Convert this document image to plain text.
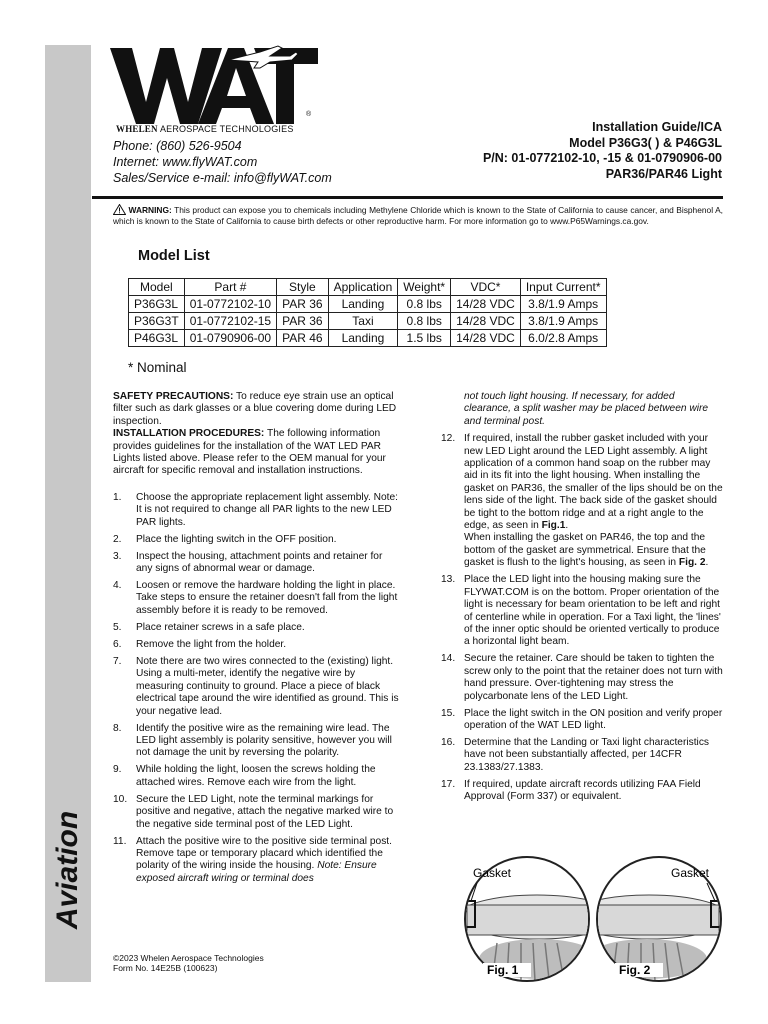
Aviation
®
WHELEN AEROSPACE TECHNOLOGIES
Phone: (860) 526-9504
Internet: www.flyWAT.com
Sales/Service e-mail: info@flyWAT.com
Installation Guide/ICA
Model P36G3( ) & P46G3L
P/N: 01-0772102-10, -15 & 01-0790906-00
PAR36/PAR46 Light
WARNING: This product can expose you to chemicals including Methylene Chloride which is known to the State of California to cause cancer, and Bisphenol A, which is known to the State of California to cause birth defects or other reproductive harm. For more information go to www.P65Warnings.ca.gov.
Model List
Model	Part #	Style	Application	Weight*	VDC*	Input Current*
P36G3L	01-0772102-10	PAR 36	Landing	0.8 lbs	14/28 VDC	3.8/1.9 Amps
P36G3T	01-0772102-15	PAR 36	Taxi	0.8 lbs	14/28 VDC	3.8/1.9 Amps
P46G3L	01-0790906-00	PAR 46	Landing	1.5 lbs	14/28 VDC	6.0/2.8 Amps
* Nominal

SAFETY PRECAUTIONS: To reduce eye strain use an optical filter such as dark glasses or a blue covering dome during LED inspection.

INSTALLATION PROCEDURES: The following information provides guidelines for the installation of the WAT LED PAR Lights listed above. Please refer to the OEM manual for your aircraft for specific removal and installation instructions.

1. Choose the appropriate replacement light assembly. Note: It is not required to change all PAR lights to the new LED PAR lights.
2. Place the lighting switch in the OFF position.
3. Inspect the housing, attachment points and retainer for any signs of abnormal wear or damage.
4. Loosen or remove the hardware holding the light in place. Take steps to ensure the retainer doesn't fall from the light assembly before it is ready to be removed.
5. Place retainer screws in a safe place.
6. Remove the light from the holder.
7. Note there are two wires connected to the (existing) light. Using a multi-meter, identify the negative wire by measuring continuity to ground. Place a piece of black electrical tape around the wire identified as ground. This is your negative lead.
8. Identify the positive wire as the remaining wire lead. The LED light assembly is polarity sensitive, however you will not damage the unit by reversing the polarity.
9. While holding the light, loosen the screws holding the attached wires. Remove each wire from the light.
10. Secure the LED Light, note the terminal markings for positive and negative, attach the negative marked wire to the negative side terminal post of the LED Light.
11. Attach the positive wire to the positive side terminal post. Remove tape or temporary placard which identified the polarity of the wiring inside the housing. Note: Ensure exposed aircraft wiring or terminal does

not touch light housing. If necessary, for added clearance, a split washer may be placed between wire and terminal post.

12. If required, install the rubber gasket included with your new LED Light around the LED Light assembly. A light application of a common hand soap on the rubber may aid in its fit into the light housing. When installing the gasket on PAR36, the smaller of the lips should be on the lens side of the light. The back side of the gasket should be tight to the bottom ridge and at a right angle to the edge, as seen in Fig.1.
When installing the gasket on PAR46, the top and the bottom of the gasket are symmetrical. Ensure that the gasket is flush to the light's housing, as seen in Fig. 2.
13. Place the LED light into the housing making sure the FLYWAT.COM is on the bottom. Proper orientation of the light is necessary for beam orientation to be left and right of centerline while in operation. For a Taxi light, the 'lines' of the inner optic should be oriented vertically to produce a horizontal light beam.
14. Secure the retainer. Care should be taken to tighten the screw only to the point that the retainer does not turn with hand pressure. Over-tightening may stress the polycarbonate lens of the LED Light.
15. Place the light switch in the ON position and verify proper operation of the WAT LED light.
16. Determine that the Landing or Taxi light characteristics have not been substantially affected, per 14CFR 23.1383/27.1383.
17. If required, update aircraft records utilizing FAA Field Approval (Form 337) or equivalent.
Gasket	Gasket
Fig. 1	Fig. 2
©2023 Whelen Aerospace Technologies
Form No. 14E25B (100623)
